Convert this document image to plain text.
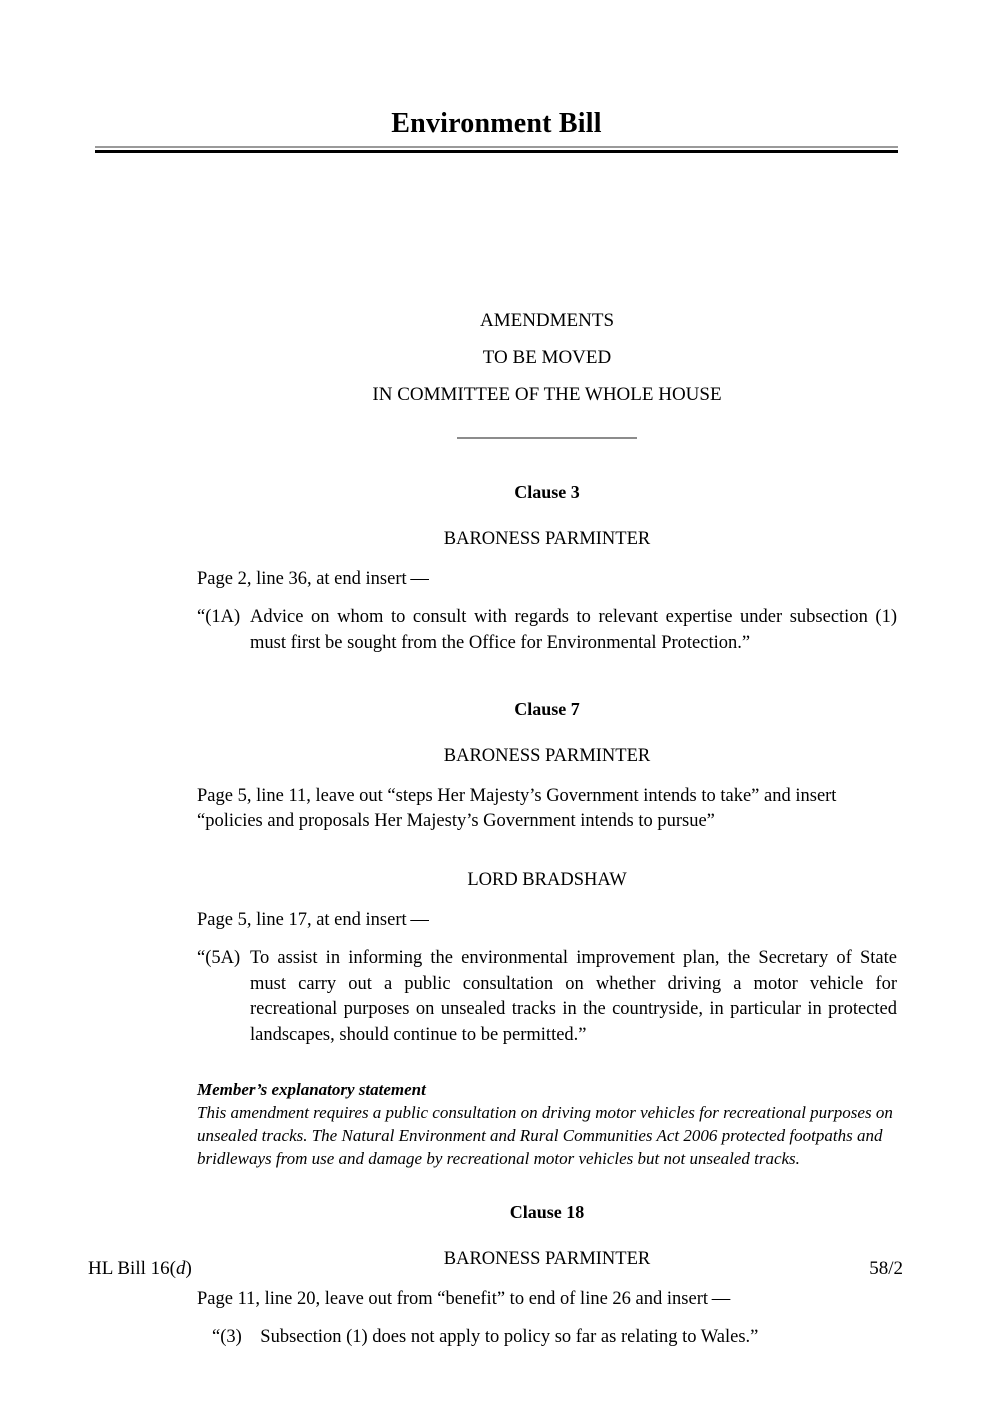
Environment Bill
AMENDMENTS
TO BE MOVED
IN COMMITTEE OF THE WHOLE HOUSE
Clause 3
BARONESS PARMINTER
Page 2, line 36, at end insert —
“(1A) Advice on whom to consult with regards to relevant expertise under subsection (1) must first be sought from the Office for Environmental Protection.”
Clause 7
BARONESS PARMINTER
Page 5, line 11, leave out “steps Her Majesty’s Government intends to take” and insert “policies and proposals Her Majesty’s Government intends to pursue”
LORD BRADSHAW
Page 5, line 17, at end insert —
“(5A) To assist in informing the environmental improvement plan, the Secretary of State must carry out a public consultation on whether driving a motor vehicle for recreational purposes on unsealed tracks in the countryside, in particular in protected landscapes, should continue to be permitted.”
Member’s explanatory statement
This amendment requires a public consultation on driving motor vehicles for recreational purposes on unsealed tracks. The Natural Environment and Rural Communities Act 2006 protected footpaths and bridleways from use and damage by recreational motor vehicles but not unsealed tracks.
Clause 18
BARONESS PARMINTER
Page 11, line 20, leave out from “benefit” to end of line 26 and insert —
“(3) Subsection (1) does not apply to policy so far as relating to Wales.”
HL Bill 16(d)	58/2
